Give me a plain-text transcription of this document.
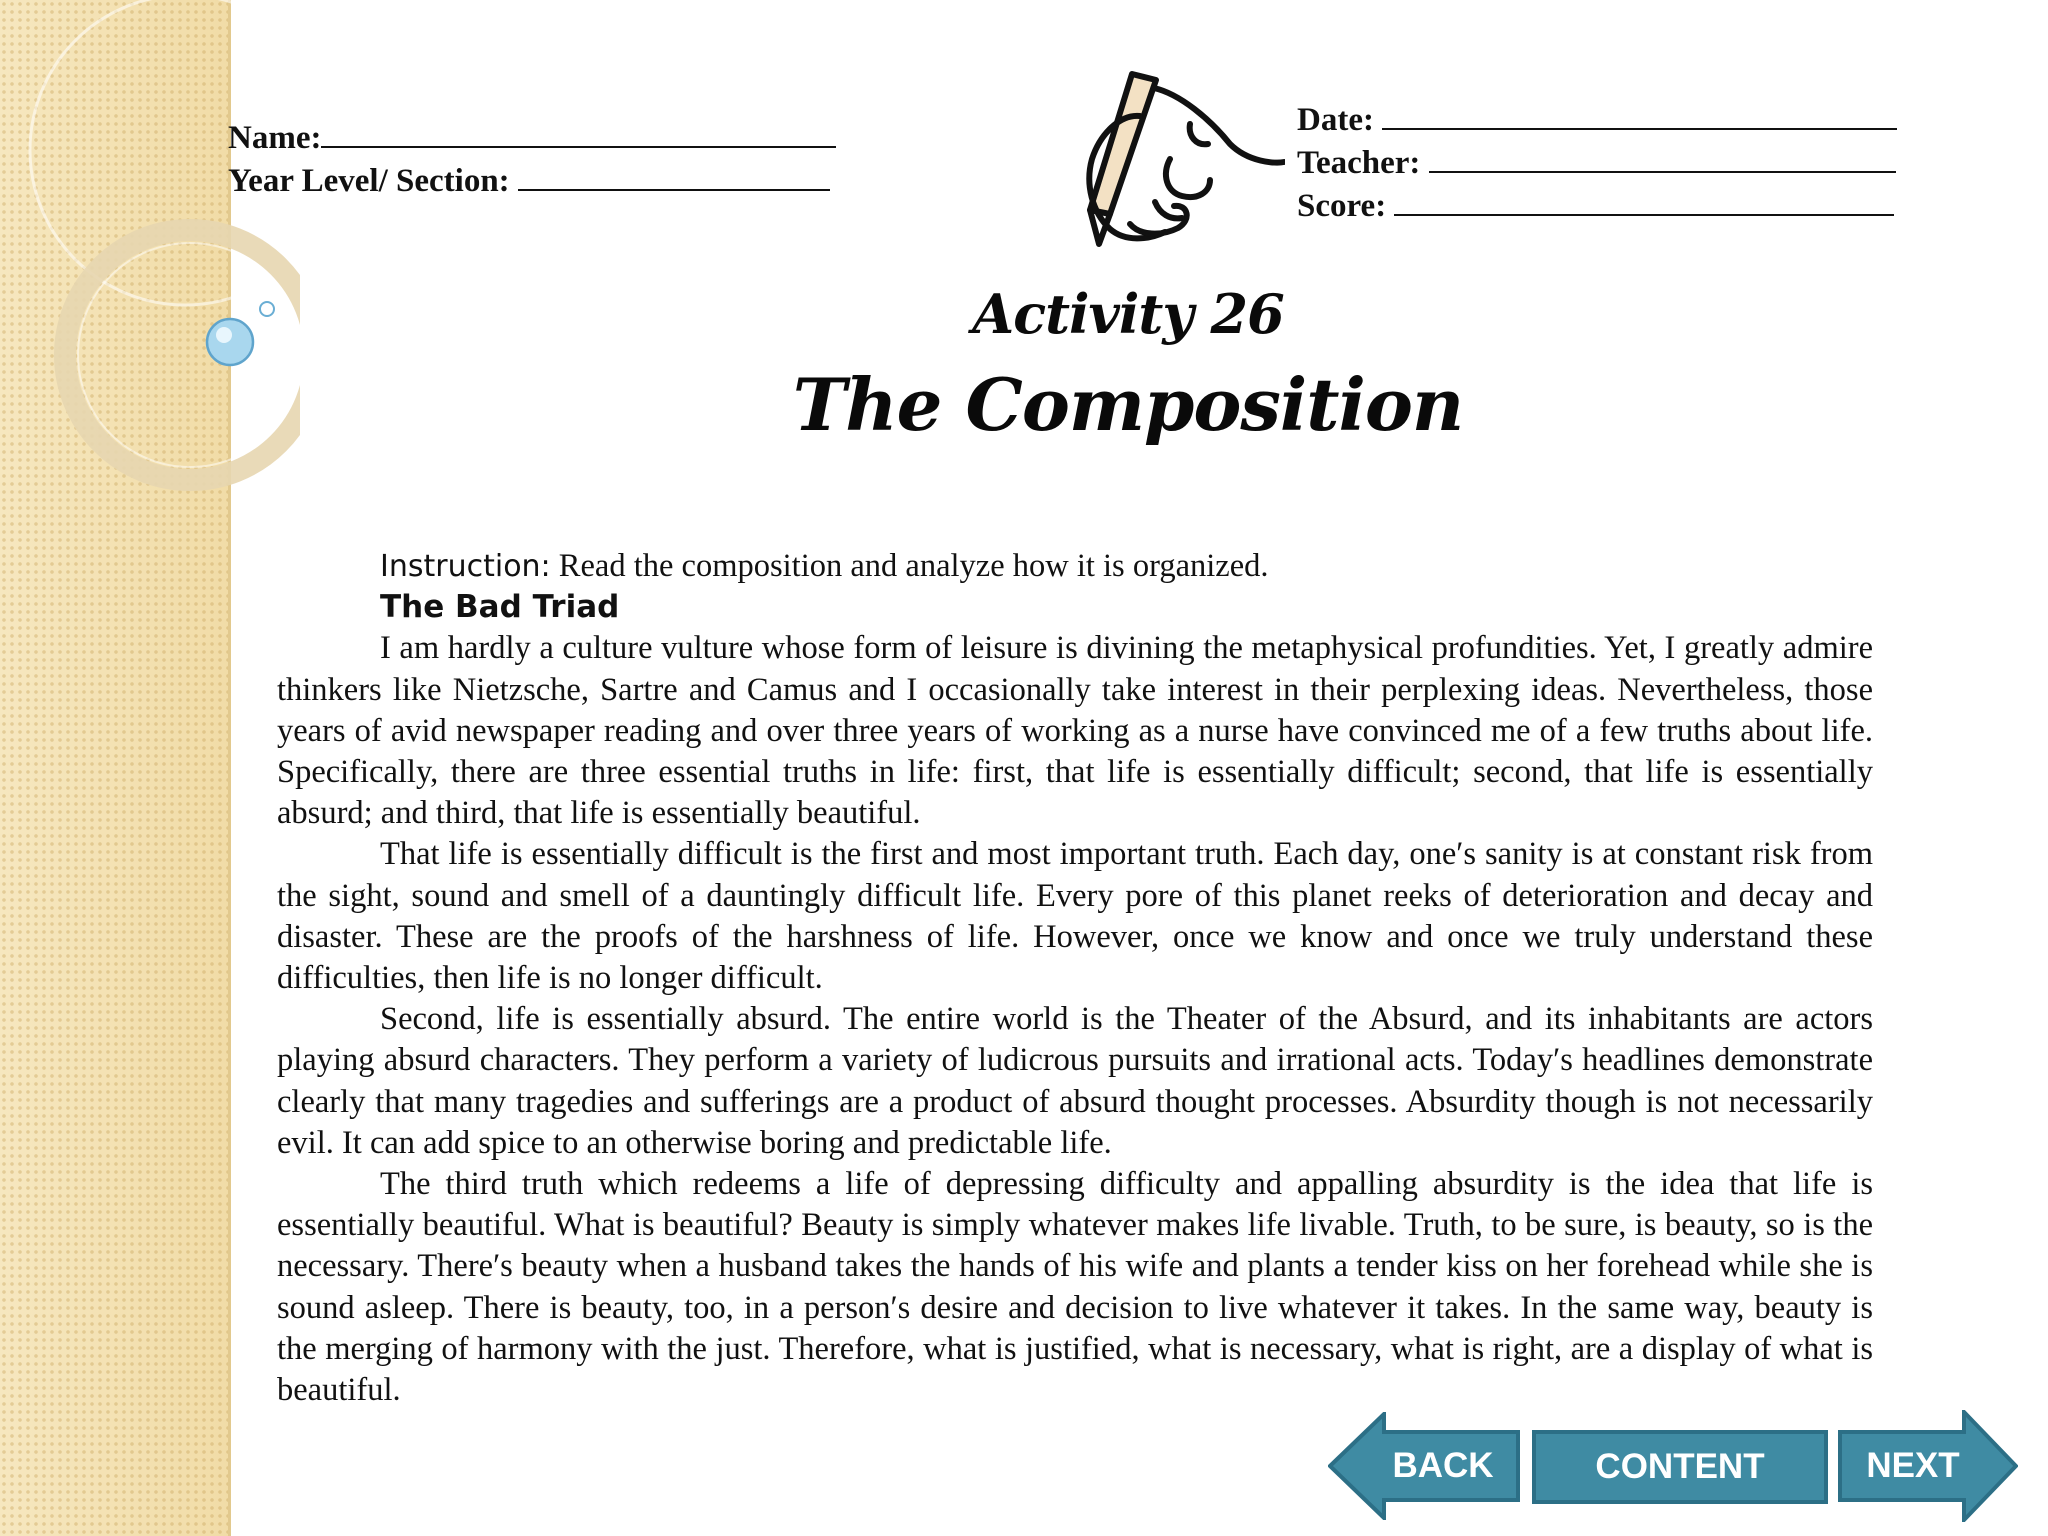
Name:
Year Level/ Section:
Date:
Teacher:
Score:
Activity 26
The Composition
Instruction: Read the composition and analyze how it is organized.
The Bad Triad

I am hardly a culture vulture whose form of leisure is divining the metaphysical profundities. Yet, I greatly admire thinkers like Nietzsche, Sartre and Camus and I occasionally take interest in their perplexing ideas. Nevertheless, those years of avid newspaper reading and over three years of working as a nurse have convinced me of a few truths about life. Specifically, there are three essential truths in life: first, that life is essentially difficult; second, that life is essentially absurd; and third, that life is essentially beautiful.

That life is essentially difficult is the first and most important truth. Each day, one′s sanity is at constant risk from the sight, sound and smell of a dauntingly difficult life. Every pore of this planet reeks of deterioration and decay and disaster. These are the proofs of the harshness of life. However, once we know and once we truly understand these difficulties, then life is no longer difficult.

Second, life is essentially absurd. The entire world is the Theater of the Absurd, and its inhabitants are actors playing absurd characters. They perform a variety of ludicrous pursuits and irrational acts. Today′s headlines demonstrate clearly that many tragedies and sufferings are a product of absurd thought processes. Absurdity though is not necessarily evil. It can add spice to an otherwise boring and predictable life.

The third truth which redeems a life of depressing difficulty and appalling absurdity is the idea that life is essentially beautiful. What is beautiful? Beauty is simply whatever makes life livable. Truth, to be sure, is beauty, so is the necessary. There′s beauty when a husband takes the hands of his wife and plants a tender kiss on her forehead while she is sound asleep. There is beauty, too, in a person′s desire and decision to live whatever it takes. In the same way, beauty is the merging of harmony with the just. Therefore, what is justified, what is necessary, what is right, are a display of what is beautiful.

BACK	CONTENT	NEXT
